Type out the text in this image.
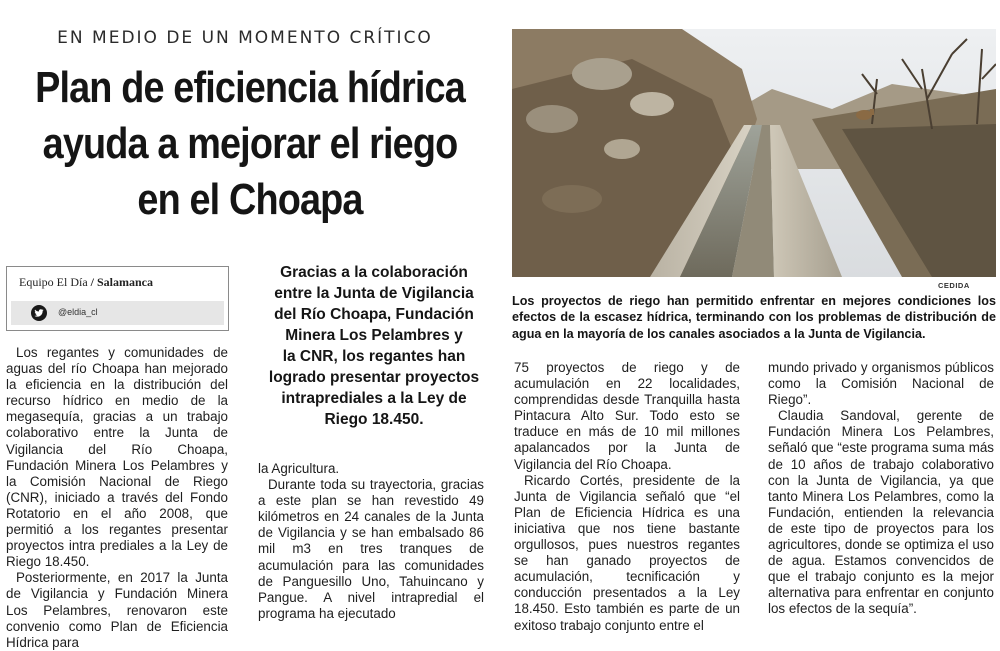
EN MEDIO DE UN MOMENTO CRÍTICO
Plan de eficiencia hídrica
ayuda a mejorar el riego
en el Choapa
Equipo El Día / Salamanca
@eldia_cl
Gracias a la colaboración
entre la Junta de Vigilancia
del Río Choapa, Fundación
Minera Los Pelambres y
la CNR, los regantes han
logrado presentar proyectos
intraprediales a la Ley de
Riego 18.450.
CEDIDA
Los proyectos de riego han permitido enfrentar en mejores condiciones los efectos de la escasez hídrica, terminando con los problemas de distribución de agua en la mayoría de los canales asociados a la Junta de Vigilancia.

Los regantes y comunidades de aguas del río Choapa han mejorado la eficiencia en la distribución del recurso hídrico en medio de la megasequía, gracias a un trabajo colaborativo entre la Junta de Vigilancia del Río Choapa, Fundación Minera Los Pelambres y la Comisión Nacional de Riego (CNR), iniciado a través del Fondo Rotatorio en el año 2008, que permitió a los regantes presentar proyectos intra prediales a la Ley de Riego 18.450.

Posteriormente, en 2017 la Junta de Vigilancia y Fundación Minera Los Pelambres, renovaron este convenio como Plan de Eficiencia Hídrica para

la Agricultura.

Durante toda su trayectoria, gracias a este plan se han revestido 49 kilómetros en 24 canales de la Junta de Vigilancia y se han embalsado 86 mil m3 en tres tranques de acumulación para las comunidades de Panguesillo Uno, Tahuincano y Pangue. A nivel intrapredial el programa ha ejecutado

75 proyectos de riego y de acumulación en 22 localidades, comprendidas desde Tranquilla hasta Pintacura Alto Sur. Todo esto se traduce en más de 10 mil millones apalancados por la Junta de Vigilancia del Río Choapa.

Ricardo Cortés, presidente de la Junta de Vigilancia señaló que “el Plan de Eficiencia Hídrica es una iniciativa que nos tiene bastante orgullosos, pues nuestros regantes se han ganado proyectos de acumulación, tecnificación y conducción presentados a la Ley 18.450. Esto también es parte de un exitoso trabajo conjunto entre el

mundo privado y organismos públicos como la Comisión Nacional de Riego”.

Claudia Sandoval, gerente de Fundación Minera Los Pelambres, señaló que “este programa suma más de 10 años de trabajo colaborativo con la Junta de Vigilancia, ya que tanto Minera Los Pelambres, como la Fundación, entienden la relevancia de este tipo de proyectos para los agricultores, donde se optimiza el uso de agua. Estamos convencidos de que el trabajo conjunto es la mejor alternativa para enfrentar en conjunto los efectos de la sequía”.
